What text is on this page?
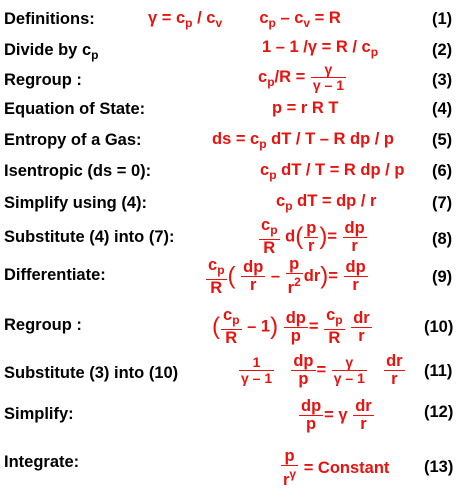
Definitions:
Divide by $c_p$
Regroup :
Equation of State:
Entropy of a Gas:
Isentropic (ds = 0):
Simplify using (4):
Substitute (4) into (7):
Differentiate:
Regroup :
Substitute (3) into (10)
Simplify:
Integrate:
(1)
(2)
(3)
(4)
(5)
(6)
(7)
(8)
(9)
(10)
(11)
(12)
(13)
$\gamma = c_p / c_v$ $c_p - c_v = R$
1 – 1 $/\gamma = R / c_p$
$c_p/R = \frac{\gamma}{\gamma - 1}$
p = r R T
ds = $c_p$ dT / T – R dp / p
$c_p$ dT / T = R dp / p
$c_p$ dT = dp / r
$\frac{c_p}{R} d( \frac{p}{r}$ )= $\frac{dp}{r}$
$\frac{c_p}{R}$ ( $\frac{dp}{r} - \frac{p}{r^2} dr)= \frac{dp}{r}$
( $\frac{c_p}{R} - 1) \frac{dp}{p} = \frac{c_p}{R}$
$\frac{dr}{r}$
$\frac{1}{\gamma - 1}$
$\frac{dp}{p} = \frac{\gamma}{\gamma - 1}$
$\frac{dr}{r}$
$\frac{dp}{p} = \gamma \frac{dr}{r}$
$\frac{p}{r^\gamma}$ = Constant
